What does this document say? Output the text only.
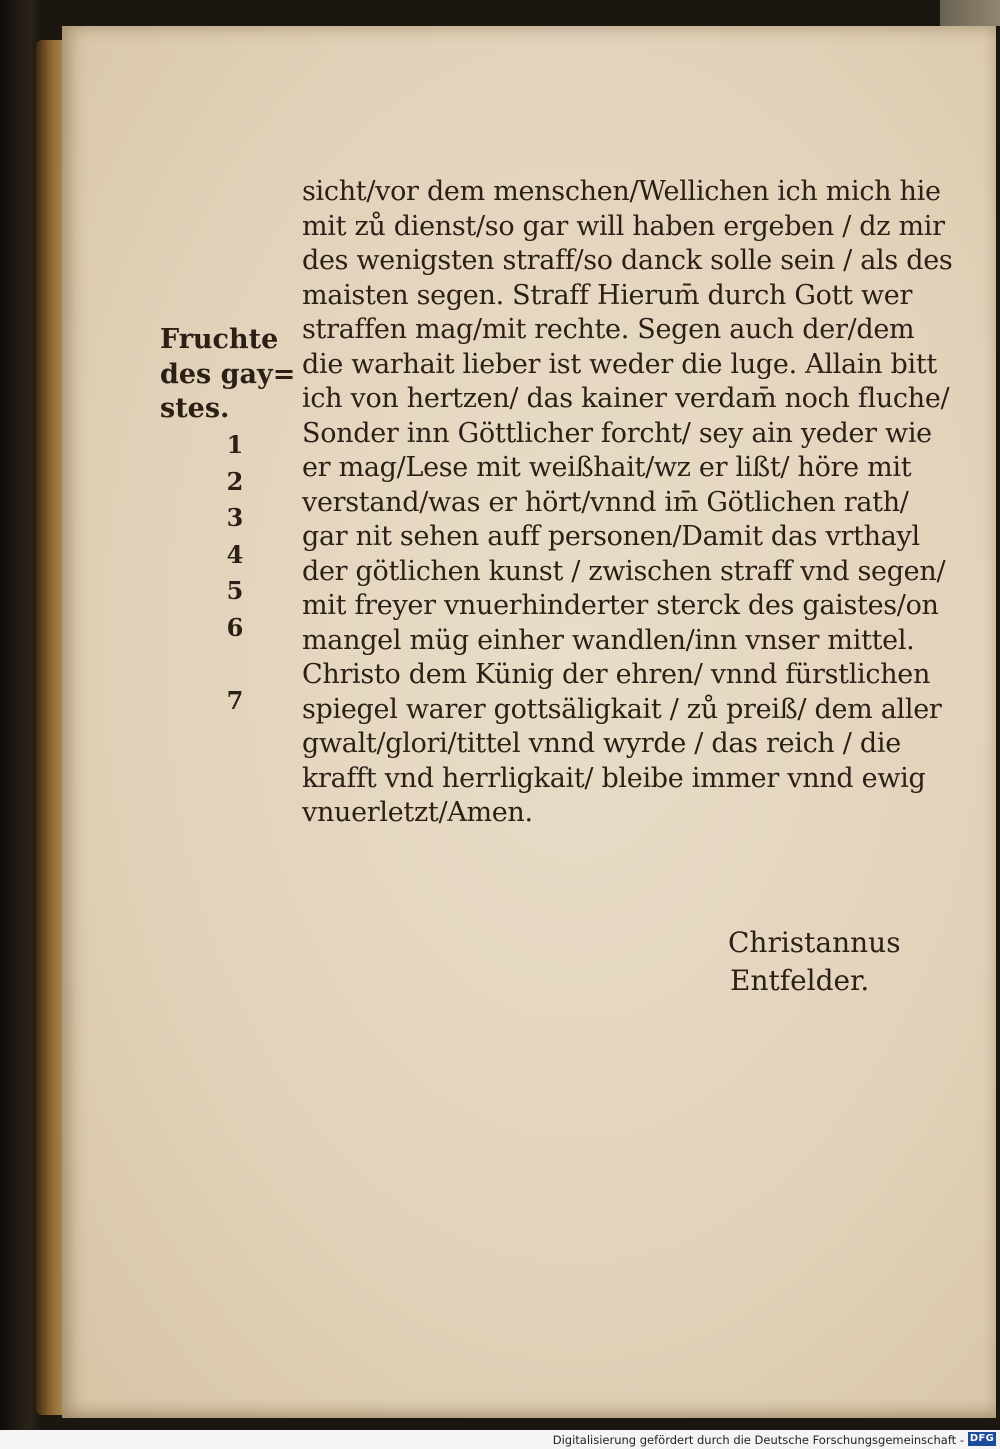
Fruchte
des gay=
stes.
1
2
3
4
5
6
7
sicht/vor dem menschen/Wellichen ich mich hie
mit zů dienst/so gar will haben ergeben / dz mir
des wenigsten straff/so danck solle sein / als des
maisten segen. Straff Hierum̄ durch Gott wer
straffen mag/mit rechte. Segen auch der/dem
die warhait lieber ist weder die luge. Allain bitt
ich von hertzen/ das kainer verdam̄ noch fluche/
Sonder inn Göttlicher forcht/ sey ain yeder wie
er mag/Lese mit weißhait/wz er lißt/ höre mit
verstand/was er hört/vnnd im̄ Götlichen rath/
gar nit sehen auff personen/Damit das vrthayl
der götlichen kunst / zwischen straff vnd segen/
mit freyer vnuerhinderter sterck des gaistes/on
mangel müg einher wandlen/inn vnser mittel.
Christo dem Künig der ehren/ vnnd fürstlichen
spiegel warer gottsäligkait / zů preiß/ dem aller
gwalt/glori/tittel vnnd wyrde / das reich / die
krafft vnd herrligkait/ bleibe immer vnnd ewig
vnuerletzt/Amen.
Christannus
Entfelder.
Digitalisierung gefördert durch die Deutsche Forschungsgemeinschaft - DFG
